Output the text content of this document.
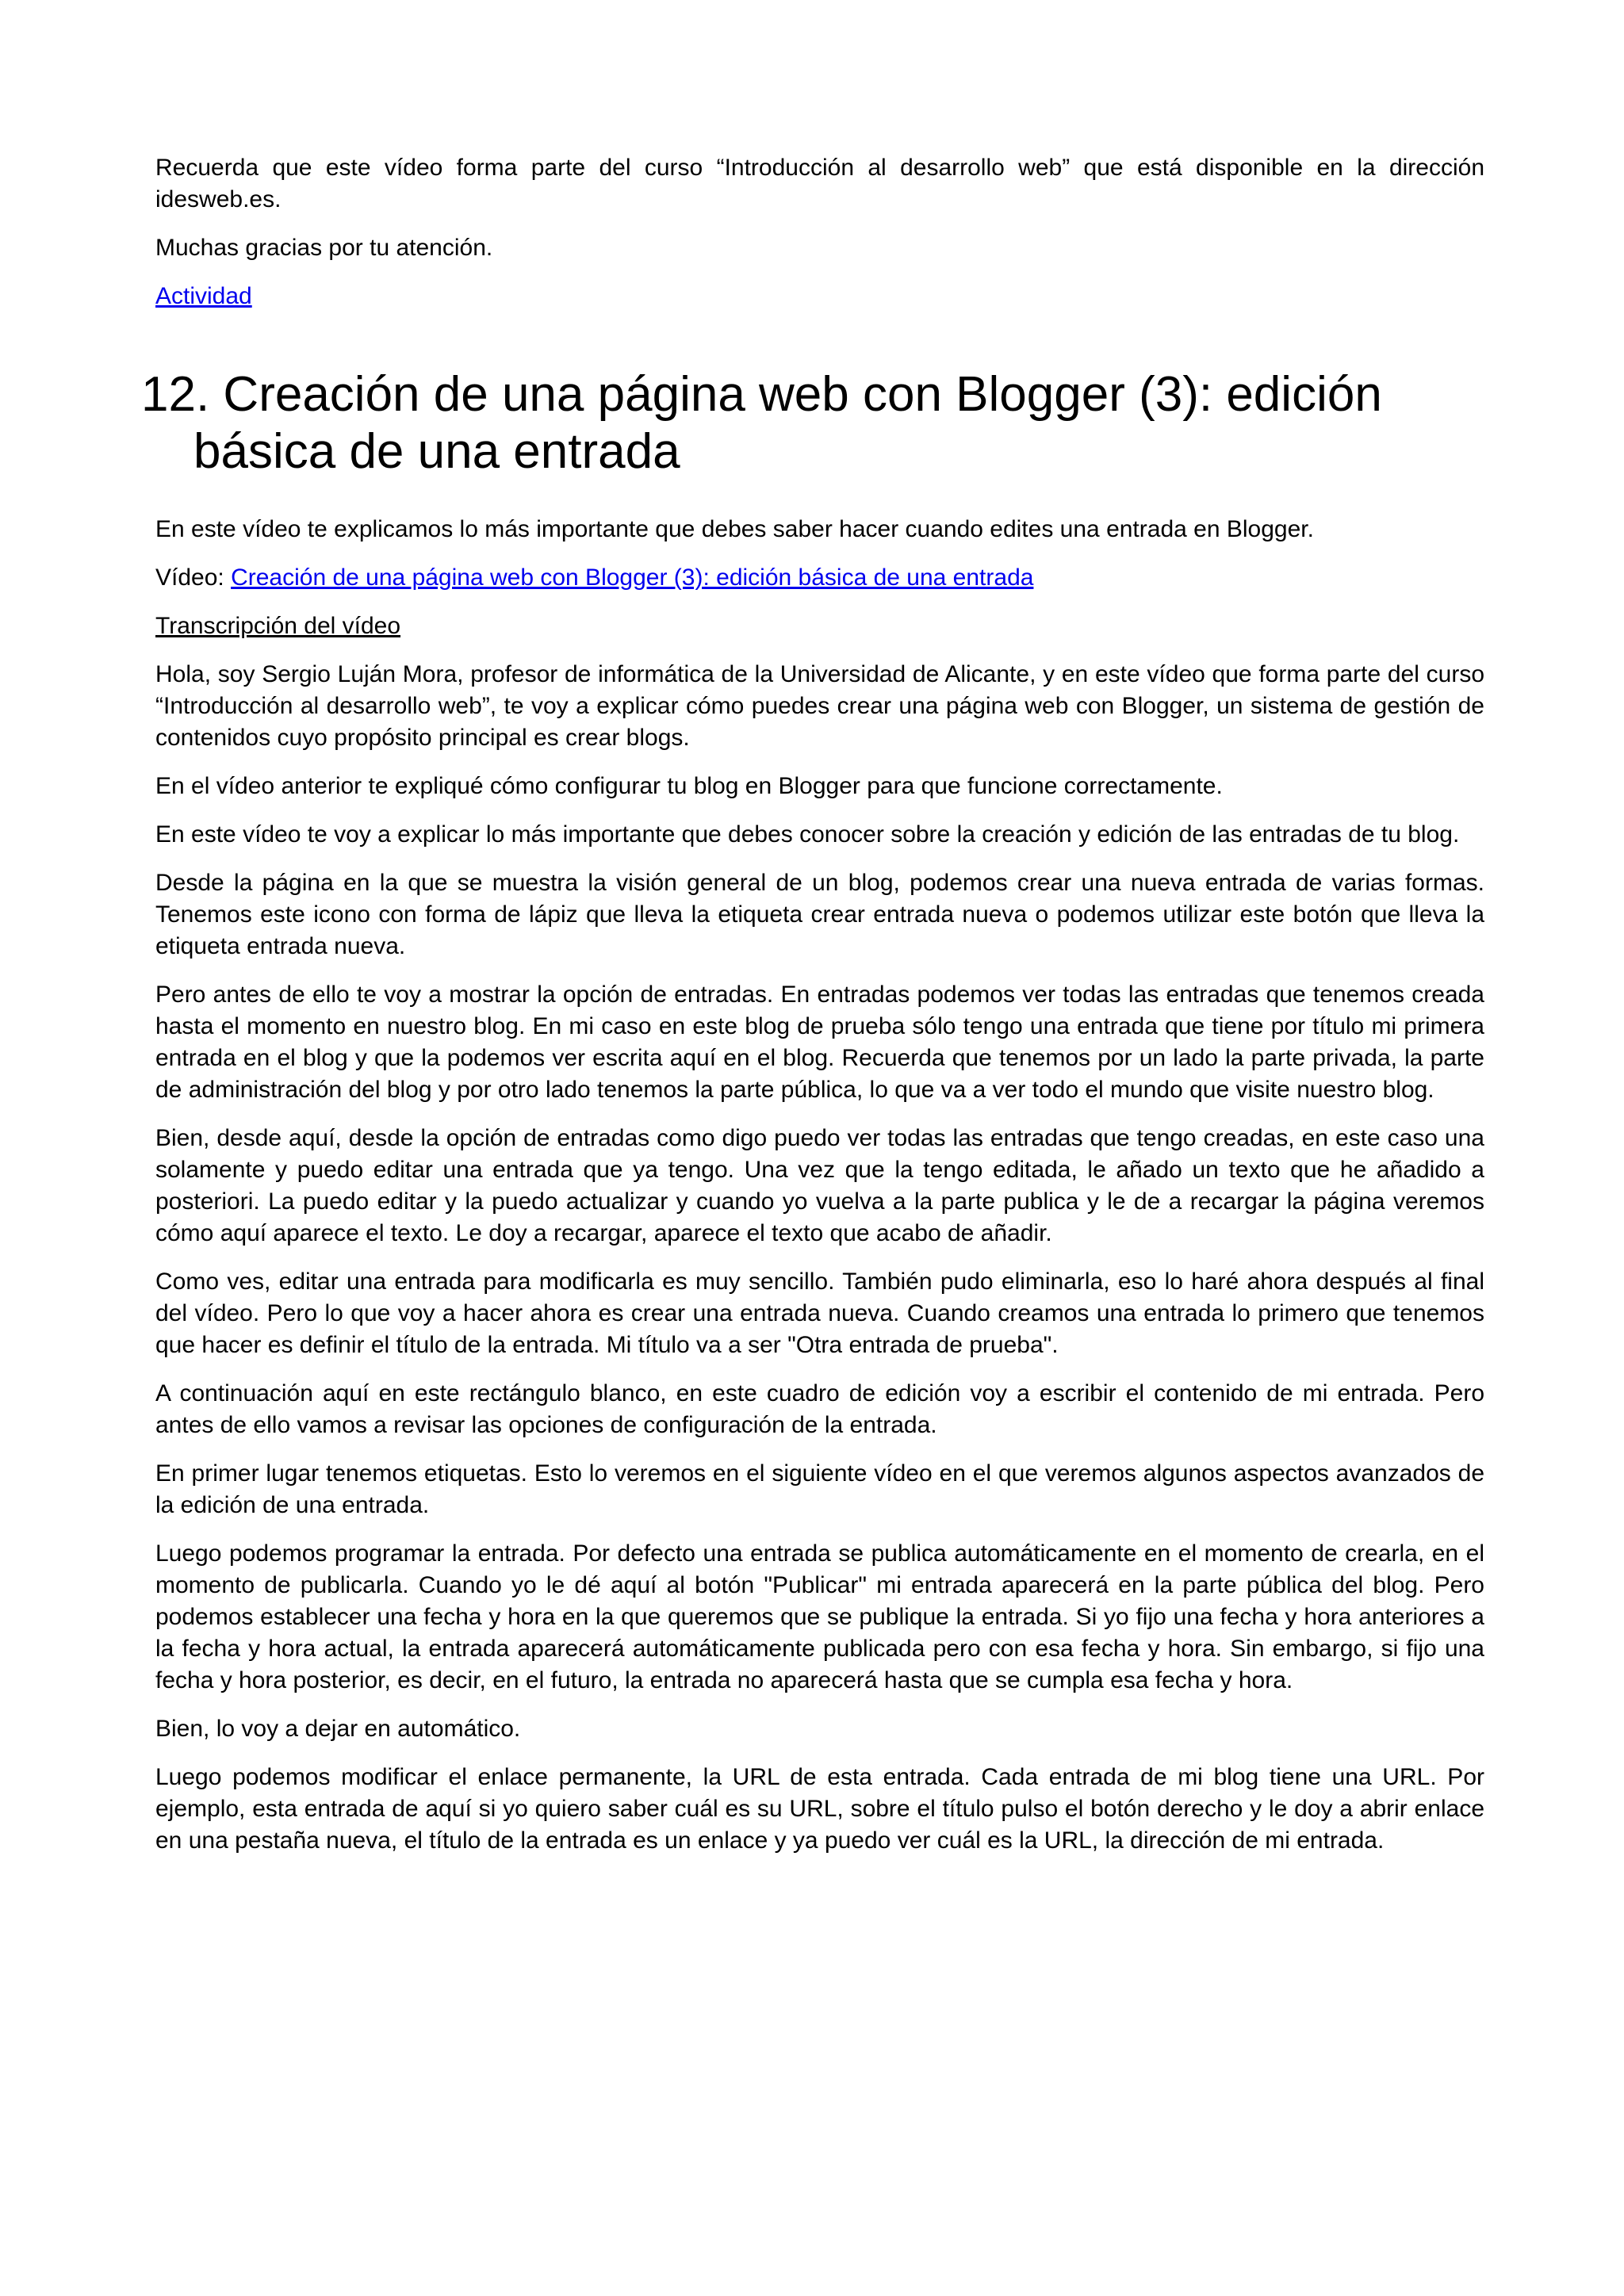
Recuerda que este vídeo forma parte del curso “Introducción al desarrollo web” que está disponible en la dirección idesweb.es.

Muchas gracias por tu atención.

Actividad

12. Creación de una página web con Blogger (3): edición básica de una entrada

En este vídeo te explicamos lo más importante que debes saber hacer cuando edites una entrada en Blogger.

Vídeo: Creación de una página web con Blogger (3): edición básica de una entrada

Transcripción del vídeo

Hola, soy Sergio Luján Mora, profesor de informática de la Universidad de Alicante, y en este vídeo que forma parte del curso “Introducción al desarrollo web”, te voy a explicar cómo puedes crear una página web con Blogger, un sistema de gestión de contenidos cuyo propósito principal es crear blogs.

En el vídeo anterior te expliqué cómo configurar tu blog en Blogger para que funcione correctamente.

En este vídeo te voy a explicar lo más importante que debes conocer sobre la creación y edición de las entradas de tu blog.

Desde la página en la que se muestra la visión general de un blog, podemos crear una nueva entrada de varias formas. Tenemos este icono con forma de lápiz que lleva la etiqueta crear entrada nueva o podemos utilizar este botón que lleva la etiqueta entrada nueva.

Pero antes de ello te voy a mostrar la opción de entradas. En entradas podemos ver todas las entradas que tenemos creada hasta el momento en nuestro blog. En mi caso en este blog de prueba sólo tengo una entrada que tiene por título mi primera entrada en el blog y que la podemos ver escrita aquí en el blog. Recuerda que tenemos por un lado la parte privada, la parte de administración del blog y por otro lado tenemos la parte pública, lo que va a ver todo el mundo que visite nuestro blog.

Bien, desde aquí, desde la opción de entradas como digo puedo ver todas las entradas que tengo creadas, en este caso una solamente y puedo editar una entrada que ya tengo. Una vez que la tengo editada, le añado un texto que he añadido a posteriori. La puedo editar y la puedo actualizar y cuando yo vuelva a la parte publica y le de a recargar la página veremos cómo aquí aparece el texto. Le doy a recargar, aparece el texto que acabo de añadir.

Como ves, editar una entrada para modificarla es muy sencillo. También pudo eliminarla, eso lo haré ahora después al final del vídeo. Pero lo que voy a hacer ahora es crear una entrada nueva. Cuando creamos una entrada lo primero que tenemos que hacer es definir el título de la entrada. Mi título va a ser "Otra entrada de prueba".

A continuación aquí en este rectángulo blanco, en este cuadro de edición voy a escribir el contenido de mi entrada. Pero antes de ello vamos a revisar las opciones de configuración de la entrada.

En primer lugar tenemos etiquetas. Esto lo veremos en el siguiente vídeo en el que veremos algunos aspectos avanzados de la edición de una entrada.

Luego podemos programar la entrada. Por defecto una entrada se publica automáticamente en el momento de crearla, en el momento de publicarla. Cuando yo le dé aquí al botón "Publicar" mi entrada aparecerá en la parte pública del blog. Pero podemos establecer una fecha y hora en la que queremos que se publique la entrada. Si yo fijo una fecha y hora anteriores a la fecha y hora actual, la entrada aparecerá automáticamente publicada pero con esa fecha y hora. Sin embargo, si fijo una fecha y hora posterior, es decir, en el futuro, la entrada no aparecerá hasta que se cumpla esa fecha y hora.

Bien, lo voy a dejar en automático.

Luego podemos modificar el enlace permanente, la URL de esta entrada. Cada entrada de mi blog tiene una URL. Por ejemplo, esta entrada de aquí si yo quiero saber cuál es su URL, sobre el título pulso el botón derecho y le doy a abrir enlace en una pestaña nueva, el título de la entrada es un enlace y ya puedo ver cuál es la URL, la dirección de mi entrada.
